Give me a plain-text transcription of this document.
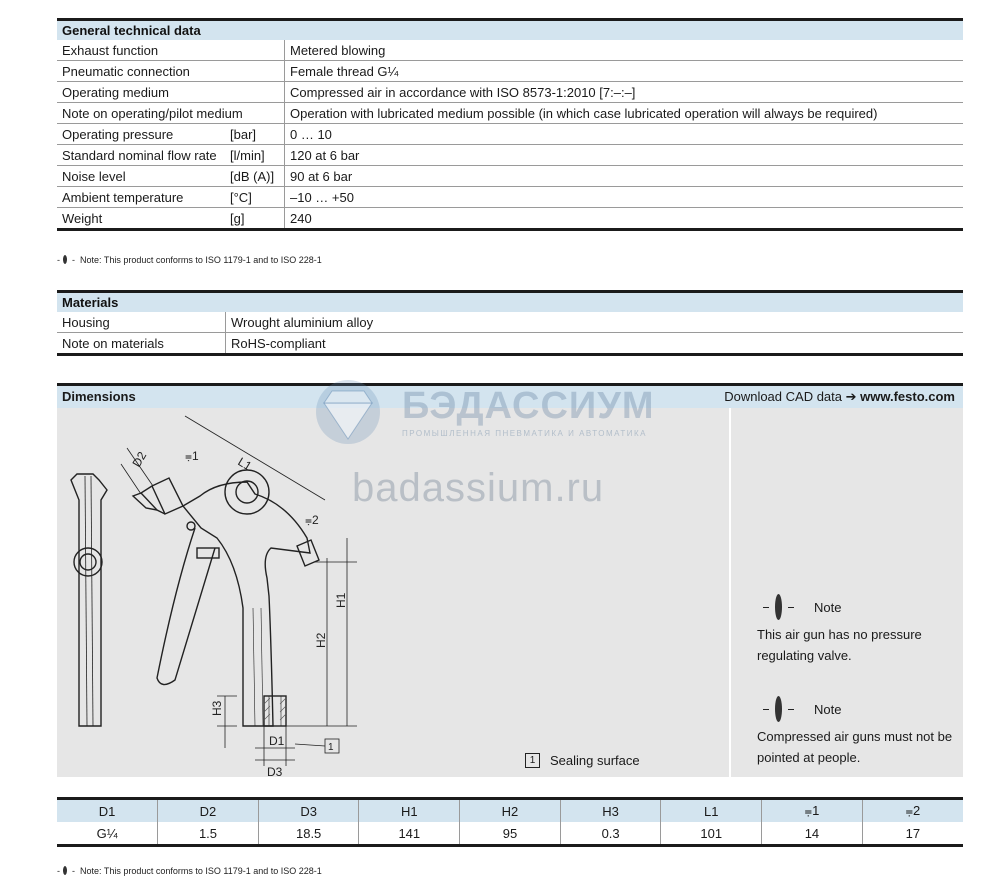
General technical data
Exhaust function		Metered blowing
Pneumatic connection		Female thread G¼
Operating medium		Compressed air in accordance with ISO 8573-1:2010 [7:–:–]
Note on operating/pilot medium		Operation with lubricated medium possible (in which case lubricated operation will always be required)
Operating pressure	[bar]	0 … 10
Standard nominal flow rate	[l/min]	120 at 6 bar
Noise level	[dB (A)]	90 at 6 bar
Ambient temperature	[°C]	–10 … +50
Weight	[g]	240
- -  Note: This product conforms to ISO 1179-1 and to ISO 228-1
Materials
Housing	Wrought aluminium alloy
Note on materials	RoHS-compliant
Dimensions	Download CAD data ➔ www.festo.com
L1
D2	⩦1
⩦2
H1
H2
H3
D1
D3
1
1	Sealing surface
Note
This air gun has no pressure
regulating valve.
Note
Compressed air guns must not be
pointed at people.
БЭДАССИУМ
ПРОМЫШЛЕННАЯ ПНЕВМАТИКА И АВТОМАТИКА
badassium.ru
D1	D2	D3	H1	H2	H3	L1	⩦1	⩦2
G¼	1.5	18.5	141	95	0.3	101	14	17
- -  Note: This product conforms to ISO 1179-1 and to ISO 228-1
